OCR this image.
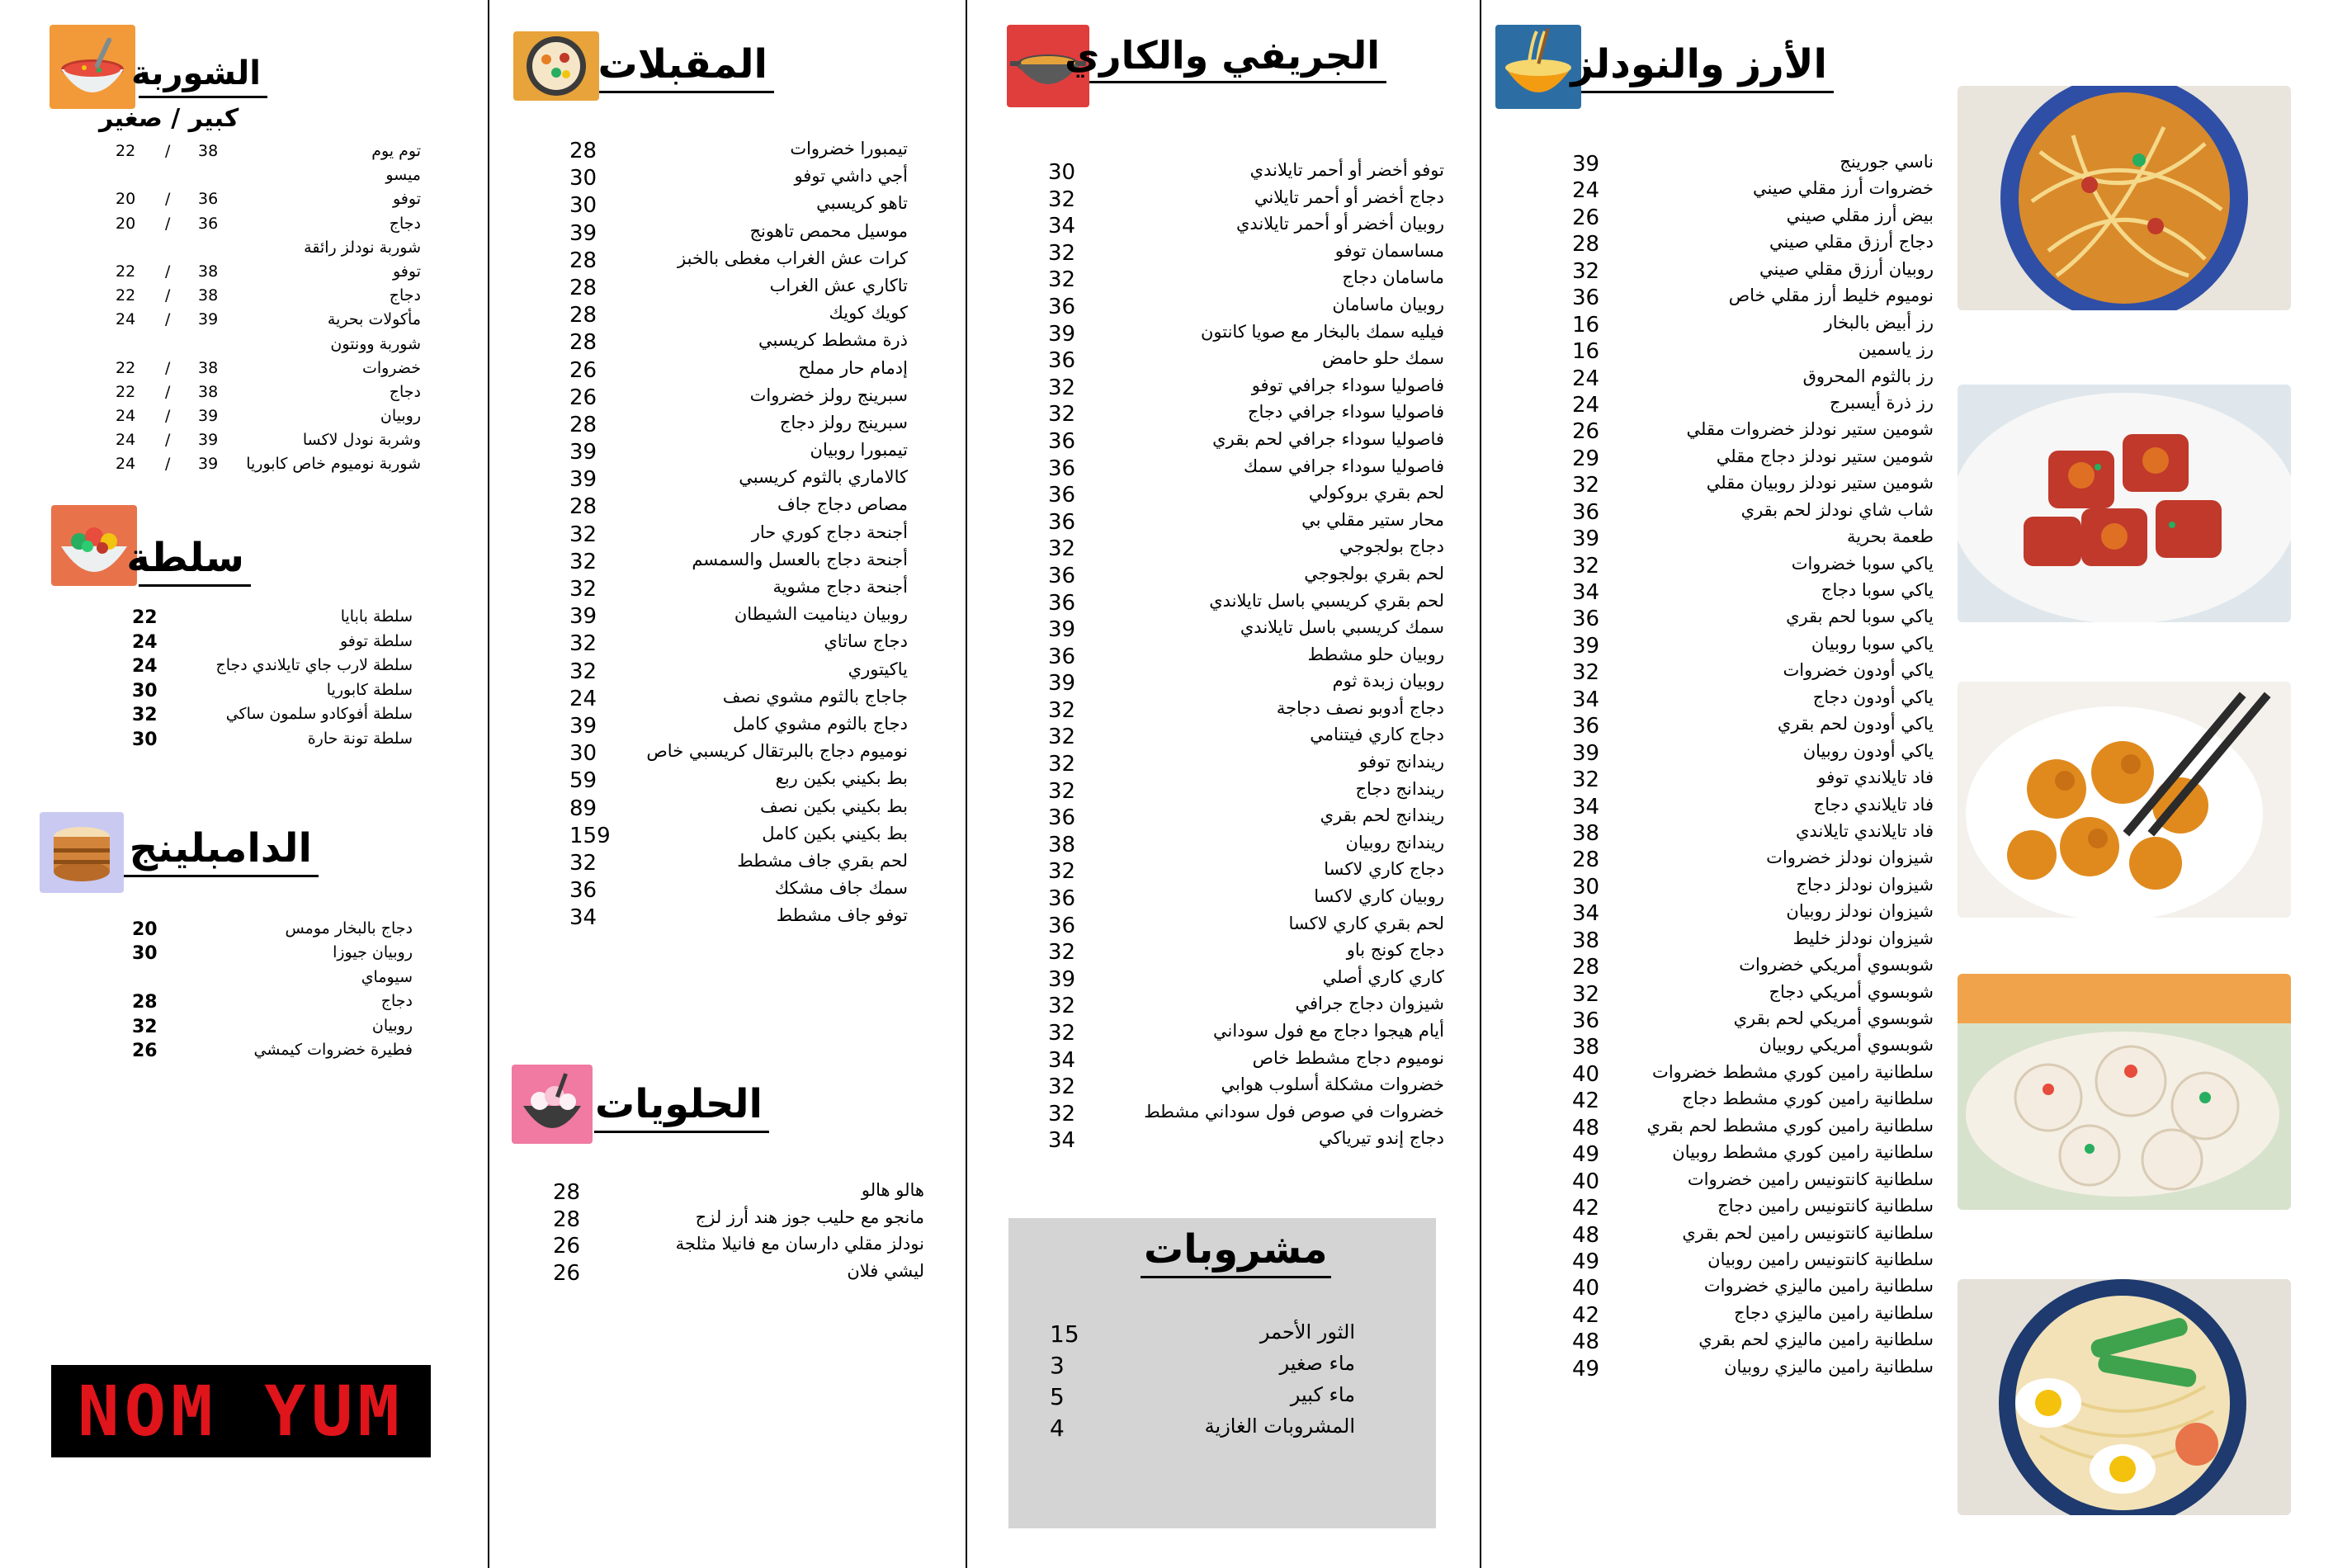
الشوربة
كبير / صغير
توم يوم
38
/
22
ميسو
توفو
36
/
20
دجاج
36
/
20
شوربة نودلز رائقة
توفو
38
/
22
دجاج
38
/
22
مأكولات بحرية
39
/
24
شوربة وونتون
خضروات
38
/
22
دجاج
38
/
22
روبيان
39
/
24
وشربة نودل لاكسا
39
/
24
شوربة نوميوم خاص كابوريا
39
/
24
سلطة
سلطة بابايا
22
سلطة توفو
24
سلطة لارب جاي تايلاندي دجاج
24
سلطة كابوريا
30
سلطة أفوكادو سلمون ساكي
32
سلطة تونة حارة
30
الدامبلينج
دجاج بالبخار مومس
20
روبيان جيوزا
30
سيوماي
دجاج
28
روبيان
32
فطيرة خضروات كيمشي
26
NOM YUM
المقبلات
تيمبورا خضروات
28
أجي داشي توفو
30
تاهو كريسبي
30
موسيل محمص تاهونج
39
كرات عش الغراب مغطى بالخبز
28
تاكاري عش الغراب
28
كويك كويك
28
ذرة مشطط كريسبي
28
إدمام حار مملح
26
سبرينج رولز خضروات
26
سبرينج رولز دجاج
28
تيمبورا روبيان
39
كالاماري بالثوم كريسبي
39
مصاص دجاج جاف
28
أجنحة دجاج كوري حار
32
أجنحة دجاج بالعسل والسمسم
32
أجنحة دجاج مشوية
32
روبيان ديناميت الشيطان
39
دجاج ساتاي
32
ياكيتوري
32
جاجاج بالثوم مشوي نصف
24
دجاج بالثوم مشوي كامل
39
نوميوم دجاج بالبرتقال كريسبي خاص
30
بط بكيني بكين ربع
59
بط بكيني بكين نصف
89
بط بكيني بكين كامل
159
لحم بقري جاف مشطط
32
سمك جاف مشكك
36
توفو جاف مشطط
34
الحلويات
هالو هالو
28
مانجو مع حليب جوز هند أرز لزج
28
نودلز مقلي دارسان مع فانيلا مثلجة
26
ليشي فلان
26
الجريفي والكاري
توفو أخضر أو أحمر تايلاندي
30
دجاج أخضر أو أحمر تايلاني
32
روبيان أخضر أو أحمر تايلاندي
34
مساسمان توفو
32
ماسامان دجاج
32
روبيان ماسامان
36
فيليه سمك بالبخار مع صويا كانتون
39
سمك حلو حامض
36
فاصوليا سوداء جرافي توفو
32
فاصوليا سوداء جرافي دجاج
32
فاصوليا سوداء جرافي لحم بقري
36
فاصوليا سوداء جرافي سمك
36
لحم بقري بروكولي
36
محار ستير مقلي بي
36
دجاج بولجوجي
32
لحم بقري بولجوجي
36
لحم بقري كريسبي باسل تايلاندي
36
سمك كريسبي باسل تايلاندي
39
روبيان حلو مشطط
36
روبيان زبدة ثوم
39
دجاج أدوبو نصف دجاجة
32
دجاج كاري فيتنامي
32
ريندانج توفو
32
ريندانج دجاج
32
ريندانج لحم بقري
36
ريندانج روبيان
38
دجاج كاري لاكسا
32
روبيان كاري لاكسا
36
لحم بقري كاري لاكسا
36
دجاج كونج باو
32
كاري كاري أصلي
39
شيزوان دجاج جرافي
32
أيام هيجوا دجاج مع فول سوداني
32
نوميوم دجاج مشطط خاص
34
خضروات مشكلة أسلوب هوابي
32
خضروات في صوص فول سوداني مشطط
32
دجاج إندو تيرياكي
34
مشروبات
الثور الأحمر
15
ماء صغير
3
ماء كبير
5
المشروبات الغازية
4
الأرز والنودلز
ناسي جورينج
39
خضروات أرز مقلي صيني
24
بيض أرز مقلي صيني
26
دجاج أرزق مقلي صيني
28
روبيان أرزق مقلي صيني
32
نوميوم خليط أرز مقلي خاص
36
رز أبيض بالبخار
16
رز ياسمين
16
رز بالثوم المحروق
24
رز ذرة أيسبرج
24
شومين ستير نودلز خضروات مقلي
26
شومين ستير نودلز دجاج مقلي
29
شومين ستير نودلز روبيان مقلي
32
شاب شاي نودلز لحم بقري
36
طعمة بحرية
39
ياكي سوبا خضروات
32
ياكي سوبا دجاج
34
ياكي سوبا لحم بقري
36
ياكي سوبا روبيان
39
ياكي أودون خضروات
32
ياكي أودون دجاج
34
ياكي أودون لحم بقري
36
ياكي أودون روبيان
39
فاد تايلاندي توفو
32
فاد تايلاندي دجاج
34
فاد تايلاندي تايلاندي
38
شيزوان نودلز خضروات
28
شيزوان نودلز دجاج
30
شيزوان نودلز روبيان
34
شيزوان نودلز خليط
38
شوبسوي أمريكي خضروات
28
شوبسوي أمريكي دجاج
32
شوبسوي أمريكي لحم بقري
36
شوبسوي أمريكي روبيان
38
سلطانية رامين كوري مشطط خضروات
40
سلطانية رامين كوري مشطط دجاج
42
سلطانية رامين كوري مشطط لحم بقري
48
سلطانية رامين كوري مشطط روبيان
49
سلطانية كانتونيس رامين خضروات
40
سلطانية كانتونيس رامين دجاج
42
سلطانية كانتونيس رامين لحم بقري
48
سلطانية كانتونيس رامين روبيان
49
سلطانية رامين ماليزي خضروات
40
سلطانية رامين ماليزي دجاج
42
سلطانية رامين ماليزي لحم بقري
48
سلطانية رامين ماليزي روبيان
49
